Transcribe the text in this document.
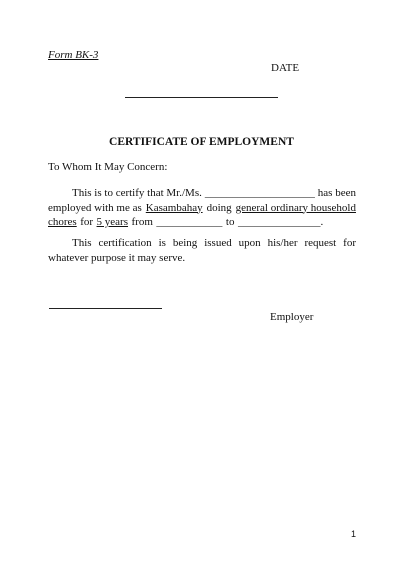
Form BK-3
DATE
CERTIFICATE OF EMPLOYMENT
To Whom It May Concern:
This is to certify that Mr./Ms. ____________________ has been
employed with me as Kasambahay doing general ordinary household
chores for 5 years from ____________ to _______________.
This certification is being issued upon his/her request for
whatever purpose it may serve.
Employer
1
